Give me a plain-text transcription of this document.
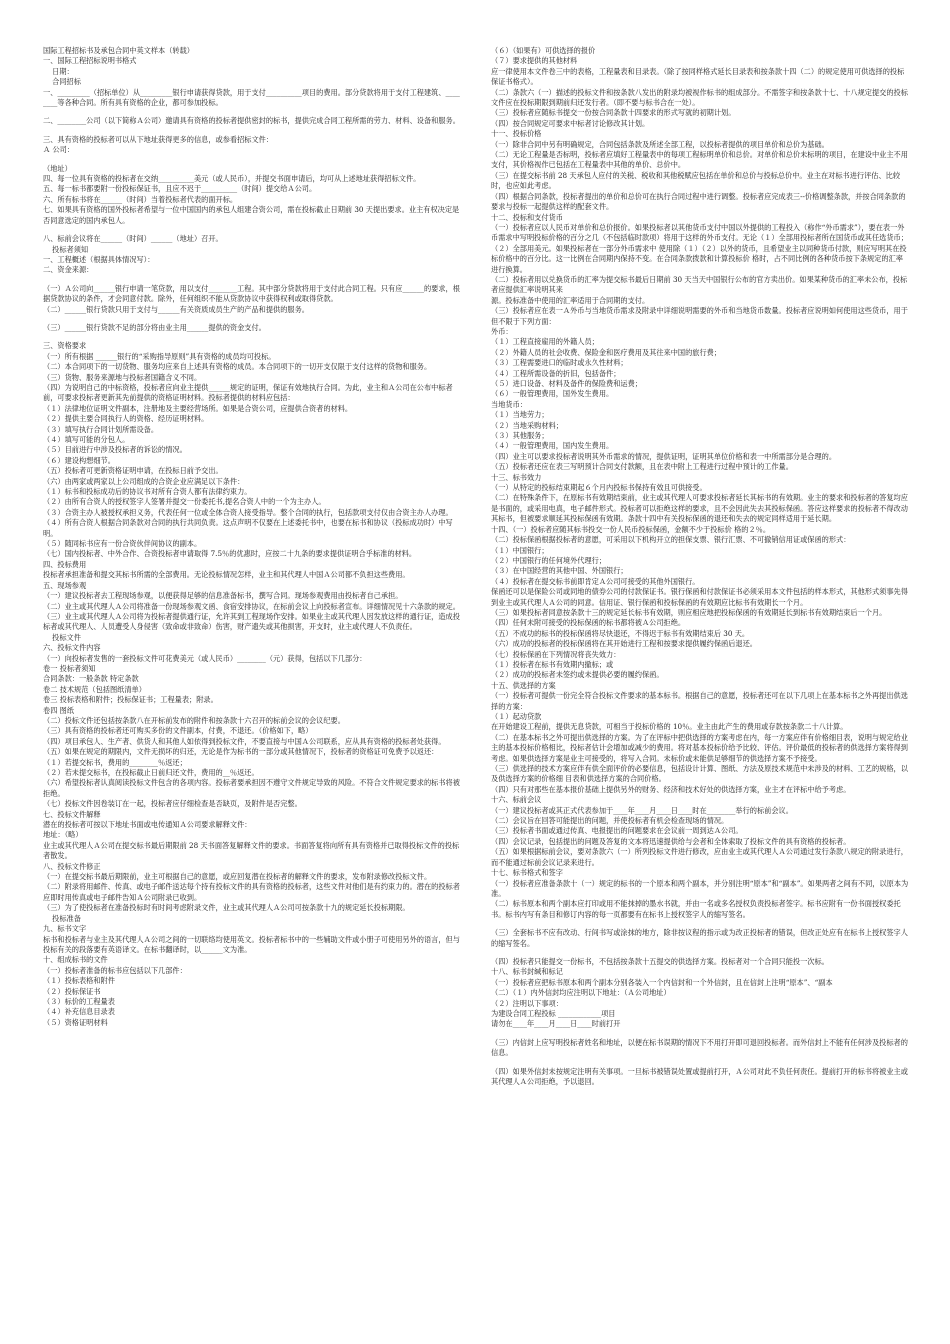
国际工程招标书及承包合同中英文样本（转载）
一、国际工程招标说明书格式
日期：
合同招标
一、_________（招标单位）从_________银行申请获得贷款，用于支付__________项目的费用。部分贷款将用于支付工程建筑、________等各种合同。所有具有资格的企业，都可参加投标。
二、________公司（以下简称Ａ公司）邀请具有资格的投标者提供密封的标书，提供完成合同工程所需的劳力、材料、设备和服务。
三、具有资格的投标者可以从下地址获得更多的信息，或参看招标文件：
Ａ 公司：
（地址）
四、每一位具有资格的投标者在交纳__________美元（或人民币），并提交书面申请后，均可从上述地址获得招标文件。
五、每一标书都要附一份投标保证书，且应不迟于__________（时间）提交给Ａ公司。
六、所有标书将在______（时间）当着投标者代表的面开标。
七、如果具有资格的国外投标者希望与一位中国国内的承包人组建合资公司，需在投标截止日期前 30 天提出要求。业主有权决定是否同意选定的国内承包人。
八、标前会议将在______（时间）______（地址）召开。
投标者须知
一、工程概述（根据具体情况写）：
二、资金来源：
（一）Ａ公司向______银行申请一笔贷款，用以支付________工程。其中部分贷款将用于支付此合同工程。只有应______的要求，根据贷款协议的条件，才会同意付款。除外，任何组织不能从贷款协议中获得权利或取得贷款。
（二）______银行贷款只用于支付与______有关资质成员生产的产品和提供的服务。
（三）______银行贷款不足的部分将由业主用______提供的资金支付。
三、资格要求
（一）所有根据 ______银行的“采购指导原则”具有资格的成员均可投标。
（二）本合同项下的一切货物、服务均应来自上述具有资格的成员。本合同项下的一切开支仅限于支付这样的货物和服务。
（三）货物、服务来源地与投标者国籍含义不同。
（四）为说明自己的中标资格，投标者应向业主提供______规定的证明，保证有效地执行合同。为此，业主和Ａ公司在公布中标者前，可要求投标者更新其先前提供的资格证明材料。投标者提供的材料应包括：
（１）法律地位证明文件副本，注册地及主要经营场所。如果是合资公司，应提供合资者的材料。
（２）提供主要合同执行人的资格、经历证明材料。
（３）填写执行合同计划所需设备。
（４）填写可能的分包人。
（５）目前进行中涉及投标者的诉讼的情况。
（６）建设构想细节。
（五）投标者可更新资格证明申请，在投标日前予交出。
（六）由两家或两家以上公司组成的合资企业应满足以下条件：
（１）标书和投标成功后的协议书对所有合资人都有法律约束力。
（２）由所有合资人的授权签字人签署并提交一份委托书,提名合资人中的一个为主办人。
（３）合资主办人被授权承担义务，代表任何一位或全体合资人接受指导。整个合同的执行，包括款项支付仅由合资主办人办理。
（４）所有合资人根据合同条款对合同的执行共同负责。这点声明不仅要在上述委托书中，也要在标书和协议（投标成功时）中写明。
（５）随同标书应有一份合资伙伴间协议的副本。
（七）国内投标者、中外合作、合资投标者申请取得 7.5％的优惠时，应按二十九条的要求提供证明合乎标准的材料。
四、投标费用
投标者承担准备和提交其标书所需的全部费用。无论投标情况怎样，业主和其代理人中国Ａ公司都不负担这些费用。
五、现场参观
（一）建议投标者去工程现场参观，以便获得足够的信息准备标书，撰写合同。现场参观费用由投标者自己承担。
（二）业主或其代理人Ａ公司将准备一份现场参观文函、食宿安排协议，在标前会议上向投标者宣布。详细情况见十六条款的规定。
（三）业主或其代理人Ａ公司将为投标者提供通行证，允许其到工程现场作安排。如果业主或其代理人因发放这样的通行证，造成投标者或其代理人、人员遭受人身侵害（致命或非致命）伤害，财产遗失或其他损害，开支时，业主或代理人不负责任。
投标文件
六、投标文件内容
（一）向投标者发售的一套投标文件可花费美元（或人民币）________（元）获得，包括以下几部分：
卷一 投标者须知
合同条款：一般条款 特定条款
卷二 技术规范（包括图纸清单）
卷三 投标表格和附件；投标保证书；工程量表；附录。
卷四 图纸
（二）投标文件还包括按条款八在开标前发布的附件和按条款十六召开的标前会议的会议纪要。
（三）具有资格的投标者还可购买多份的文件副本，付费，不退还。（价格如下，略）
（四）项目承包人、生产者、供货人和其他人如依得到投标文件，不要直接与中国Ａ公司联系，应从具有资格的投标者处获得。
（五）如果在规定的期限内，文件无损坏的归还，无论是作为标书的一部分或其他情况下，投标者的资格证可免费予以返还：
（１）若提交标书，费用的________％返还；
（２）若未提交标书，在投标截止日前归还文件，费用的__％返还。
（六）希望投标者认真阅读投标文件包含的各项内容。投标者要承担因不遵守文件规定导致的风险。不符合文件规定要求的标书将被拒绝。
（七）投标文件因卷装订在一起，投标者应仔细检查是否缺页，及附件是否完整。
七、投标文件解释
潜在的投标者可按以下地址书面或电传通知Ａ公司要求解释文件：
地址：（略）
业主或其代理人Ａ公司在提交标书最后期限前 28 天书面答复解释文件的要求。书面答复将向所有具有资格并已取得投标文件的投标者散发。
八、投标文件修正
（一）在提交标书最后期限前，业主可根据自己的意愿，或应回复潜在投标者的解释文件的要求，发布附录修改投标文件。
（二）附录将用邮件、传真、或电子邮件送达每个持有投标文件的具有资格的投标者，这些文件对他们是有约束力的。潜在的投标者应即时用传真或电子邮件告知Ａ公司附录已收到。
（三）为了使投标者在准备投标时有时间考虑附录文件，业主或其代理人Ａ公司可按条款十九的规定延长投标期限。
投标准备
九、标书文字
标书和投标者与业主及其代理人Ａ公司之间的一切联络均使用英文。投标者标书中的一些辅助文件或小册子可使用另外的语言，但与投标有关的段落要有英语译文。在标书翻译时，以______文为准。
十、组成标书的文件
（一）投标者准备的标书应包括以下几部件：
（１）投标表格和附件
（２）投标保证书
（３）标价的工程量表
（４）补充信息目录表
（５）资格证明材料
（６）（如果有）可供选择的报价
（７）要求提供的其他材料
应一律使用本文件卷三中的表格，工程量表和目录表。（除了按同样格式延长目录表和按条款十四（二）的规定使用可供选择的投标保证书格式）。
（二）条款六（一）描述的投标文件和按条款八发出的附录均被视作标书的组成部分。不需签字和按条款十七、十八规定提交的投标文件应在投标期限到期前归还发行者。（即不要与标书合在一处）。
（三）投标者应随标书提交一份按合同条款十四要求的形式写就的初期计划。
（四）按合同规定可要求中标者讨论修改其计划。
十一、投标价格
（一）除非合同中另有明确规定，合同包括条款及所述全部工程，以投标者提供的项目单价和总价为基础。
（二）无论工程量是否标明，投标者应填好工程量表中的每项工程标明单价和总价。对单价和总价未标明的项目，在建设中业主不用支付，其价格视作已包括在工程量表中其他的单价、总价中。
（三）在提交标书前 28 天承包人应付的关税、税收和其他税赋应包括在单价和总价与投标总价中。业主在对标书进行评估、比较时，也应如此考虑。
（四）根据合同条款，投标者提出的单价和总价可在执行合同过程中进行调整。投标者应完成表三--价格调整条款，并按合同条款的要求与投标一起提供这样的配套文件。
十二、投标和支付货币
（一）投标者应以人民币对单价和总价报价。如果投标者以其他货币支付中国以外提供的工程投入（称作“外币需求”），要在表一外币需求中写明投标价格的百分之几（不包括临时款项）将用于这样的外币支付。无论（１）全部用投标者所在国货币或其任选货币；（２）全部用美元。如果投标者在一部分外币需求中 使用除（１）（２）以外的货币，且希望业主以同种货币付款，则应写明其在投标价格中的百分比。这一比例在合同期内保持不变。在合同条款拨款和计算投标价 格时，占不同比例的各种货币按下条规定的汇率进行换算。
（二）投标者用以兑换货币的汇率为提交标书最后日期前 30 天当天中国银行公布的官方卖出价。如果某种货币的汇率未公布，投标者应提供汇率说明其来
源。投标准备中使用的汇率适用于合同期的支付。
（三）投标者应在表一Ａ外币与当地货币需求及附录中详细说明需要的外币和当地货币数量。投标者应说明如何使用这些货币，用于但不限于下列方面：
外币：
（１）工程直接雇用的外籍人员；
（２）外籍人员的社会收费、保险金和医疗费用及其往来中国的旅行费；
（３）工程需要进口的临时或永久性材料；
（４）工程所需设备的折旧，包括备件；
（５）进口设备、材料及备件的保险费和运费；
（６）一般管理费用，国外发生费用。
当地货币：
（１）当地劳力；
（２）当地采购材料；
（３）其他服务；
（４）一般管理费用，国内发生费用。
（四）业主可以要求投标者说明其外币需求的情况，提供证明，证明其单位价格和表一中所需部分是合理的。
（五）投标者还应在表三写明预计合同支付款额，且在表中附上工程进行过程中预计的工作量。
十三、标书效力
（一）从特定的投标结束期起６个月内投标书保持有效且可供接受。
（二）在特殊条件下，在原标书有效期结束前，业主或其代理人可要求投标者延长其标书的有效期。业主的要求和投标者的答复均应是书面的，或采用电真，电子邮件形式。投标者可以拒绝这样的要求，且不会因此失去其投标保函。答应这样要求的投标者不得改动其标书，但被要求顺延其投标保函有效期。条款十四中有关投标保函的退还和失去的规定同样适用于延长期。
十四、（一）投标者应随其标书投交一份人民币投标保函，金额不少于投标价 格的２％。
（二）投标保函根据投标者的意愿，可采用以下机构开立的担保支票、银行汇票、不可撤销信用证或保函的形式：
（１）中国银行；
（２）中国银行的任何境外代理行；
（３）在中国经营的其他中国、外国银行；
（４）投标者在提交标书前即肯定Ａ公司可接受的其他外国银行。
保函还可以是保险公司或同地的债券公司的付款保证书。银行保函和付款保证书必须采用本文件包括的样本形式，其他形式须事先得到业主或其代理人Ａ公司的同意。信用证、银行保函和投标保函的有效期应比标书有效期长一个月。
（三）如果投标者同意按条款十三的规定延长标书有效期，则应相应地把投标保函的有效期延长到标书有效期结束后一个月。
（四）任何未附可接受的投标保函的标书都将被Ａ公司拒绝。
（五）不成功的标书的投标保函将尽快退还，不得迟于标书有效期结束后 30 天。
（六）成功的投标者的投标保函将在其开始进行工程和按要求提供履约保函后退还。
（七）投标保函在下列情况将丧失效力：
（１）投标者在标书有效期内撤标；或
（２）成功的投标者未签约或未提供必要的履约保函。
十五、供选择的方案
（一）投标者可提供一份完全符合投标文件要求的基本标书。根据自己的意愿，投标者还可在以下几项上在基本标书之外再提出供选择的方案：
（１）起动贷款
在开始建设工程前，提供无息贷款，可相当于投标价格的 10％。业主由此产生的费用或存款按条款二十八计算。
（二）在基本标书之外可提出供选择的方案。为了在评标中把供选择的方案考虑在内，每一方案应伴有价格细目表，说明与规定给业主的基本投标价格相比，投标者估计会增加或减少的费用。将对基本投标价给予比较、评估。评价最低的投标者的供选择方案将得到考虑。如果供选择方案是业主可接受的，将写入合同。未标价或未能供足够细节的供选择方案不予接受。
（三）供选择的技术方案应伴有供全面评价的必要信息，包括设计计算、图纸、方法及原技术规范中未涉及的材料、工艺的规格，以及供选择方案的价格细 目表和供选择方案的合同价格。
（四）只有对那些在基本报价基础上提供另外的财务、经济和技术好处的供选择方案，业主才在评标中给予考虑。
十六、标前会议
（一）建议投标者或其正式代表参加于____年____月____日____时在________举行的标前会议。
（二）会议旨在回答可能提出的问题，并使投标者有机会检查现场的情况。
（三）投标者书面或通过传真、电报提出的问题要求在会议前一周到达Ａ公司。
（四）会议记录，包括提出的问题及答复的文本将迅速提供给与会者和全体索取了投标文件的具有资格的投标者。
（五）如果根据标前会议，要对条款六（一）所列投标文件进行修改，应由业主或其代理人Ａ公司通过发行条款八规定的附录进行，而不能通过标前会议记录来进行。
十七、标书格式和签字
（一）投标者应准备条款十（一）规定的标书的一个原本和两个副本，并分别注明“原本”和“副本”。如果两者之间有不同，以原本为准。
（二）标书原本和两个副本应打印或用不能抹掉的墨水书就，并由一名或多名授权负责投标者签字。标书应附有一份书面授权委托书。标书内写有条目和修订内容的每一页都要有在标书上授权签字人的缩写签名。
（三）全套标书不应有改动、行间书写或涂抹的地方，除非按议程的指示或为改正投标者的错误，但改正处应有在标书上授权签字人的缩写签名。
（四）投标者只能提交一份标书，不包括按条款十五提交的供选择方案。投标者对一个合同只能投一次标。
十八、标书封缄和标记
（一）投标者应把标书原本和两个副本分别各装入一个内信封和一个外信封，且在信封上注明“原本”、“副本
（二）（１）内外信封均应注明以下地址：（Ａ公司地址）
（２）注明以下事项：
为建设合同工程投标 ____________项目
请勿在____年____月____日____时前打开
（三）内信封上应写明投标者姓名和地址，以便在标书误期的情况下不用打开即可退回投标者。而外信封上不能有任何涉及投标者的信息。
（四）如果外信封未按规定注明有关事项。一旦标书被错误处置或提前打开，Ａ公司对此不负任何责任。提前打开的标书将被业主或其代理人Ａ公司拒绝，予以退回。
